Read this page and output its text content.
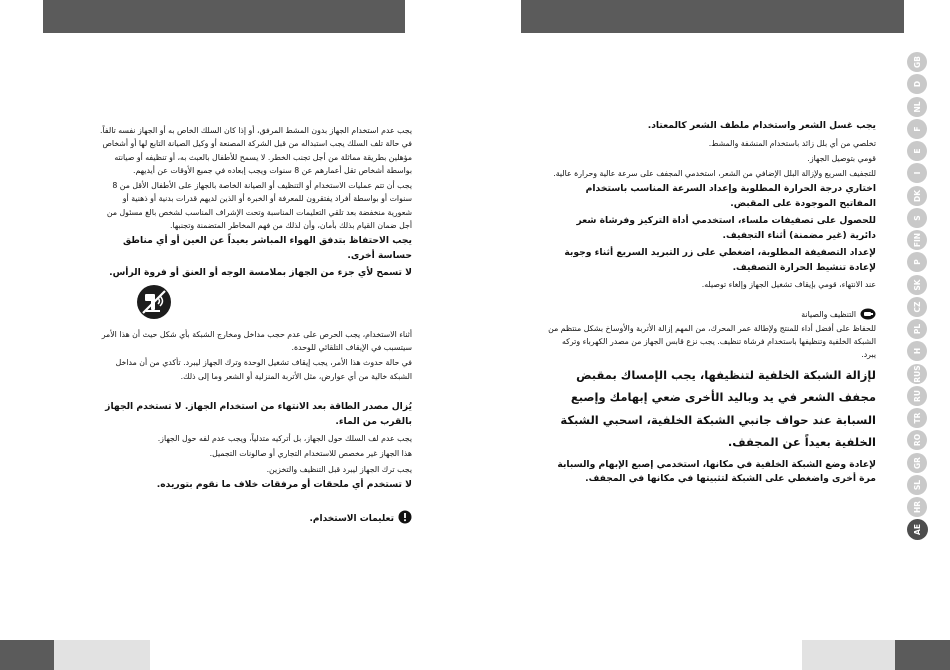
يجب عدم استخدام الجهاز بدون المشط المرفق، أو إذا كان السلك الخاص به أو الجهاز نفسه تالفاً. في حالة تلف السلك يجب استبداله من قبل الشركة المصنعة أو وكيل الصيانة التابع لها أو أشخاص مؤهلين بطريقة مماثلة من أجل تجنب الخطر. لا يسمح للأطفال بالعبث به، أو تنظيفه أو صيانته بواسطة أشخاص تقل أعمارهم عن 8 سنوات ويجب إبعاده في جميع الأوقات عن أيديهم.

يجب أن تتم عمليات الاستخدام أو التنظيف أو الصيانة الخاصة بالجهاز على الأطفال الأقل من 8 سنوات أو بواسطة أفراد يفتقرون للمعرفة أو الخبرة أو الذين لديهم قدرات بدنية أو ذهنية أو شعورية منخفضة بعد تلقي التعليمات المناسبة وتحت الإشراف المناسب لشخص بالغ مسئول من أجل ضمان القيام بذلك بأمان، وأن لذلك من فهم المخاطر المتضمنة وتجنبها.

يجب الاحتفاظ بتدفق الهواء المباشر بعيداً عن العين أو أي مناطق حساسة أخرى.

لا تسمح لأي جزء من الجهاز بملامسة الوجه أو العنق أو فروة الرأس.

أثناء الاستخدام، يجب الحرص على عدم حجب مداخل ومخارج الشبكة بأي شكل حيث أن هذا الأمر سيتسبب في الإيقاف التلقائي للوحدة.

في حالة حدوث هذا الأمر، يجب إيقاف تشغيل الوحدة وترك الجهاز ليبرد. تأكدي من أن مداخل الشبكة خالية من أي عوارض، مثل الأتربة المنزلية أو الشعر وما إلى ذلك.

يُزال مصدر الطاقة بعد الانتهاء من استخدام الجهاز. لا تستخدم الجهاز بالقرب من الماء.

يجب عدم لف السلك حول الجهاز، بل أتركيه متدلياً، ويجب عدم لفه حول الجهاز.

هذا الجهاز غير مخصص للاستخدام التجاري أو صالونات التجميل.

يجب ترك الجهاز ليبرد قبل التنظيف والتخزين.

لا تستخدم أي ملحقات أو مرفقات خلاف ما نقوم بتوريده.

تعليمات الاستخدام.

يجب غسل الشعر واستخدام ملطف الشعر كالمعتاد.

تخلصي من أي بلل زائد باستخدام المنشفة والمشط.

قومي بتوصيل الجهاز.

للتجفيف السريع ولإزالة البلل الإضافي من الشعر، استخدمي المجفف على سرعة عالية وحرارة عالية.

اختاري درجة الحرارة المطلوبة وإعداد السرعة المناسب باستخدام المفاتيح الموجودة على المقبض.

للحصول على تصفيفات ملساء، استخدمي أداة التركيز وفرشاة شعر دائرية (غير مضمنة) أثناء التجفيف.

لإعداد التصفيفة المطلوبة، اضغطي على زر التبريد السريع أثناء وجوبة لإعادة تنشيط الحرارة التصفيف.

عند الانتهاء، قومي بإيقاف تشغيل الجهاز وإلغاء توصيله.

التنظيف والصيانة

للحفاظ على أفضل أداء للمنتج ولإطالة عمر المحرك، من المهم إزالة الأتربة والأوساخ بشكل منتظم من الشبكة الخلفية وتنظيفها باستخدام فرشاة تنظيف. يجب نزع قابس الجهاز من مصدر الكهرباء وتركه يبرد.

لإزالة الشبكة الخلفية لتنظيفها، يجب الإمساك بمقبض مجفف الشعر في يد وباليد الأخرى ضعي إبهامك وإصبع السبابة عند حواف جانبي الشبكة الخلفية، اسحبي الشبكة الخلفية بعيداً عن المجفف.

لإعادة وضع الشبكة الخلفية في مكانها، استخدمي إصبع الإبهام والسبابة مرة أخرى واضغطي على الشبكة لتثبيتها في مكانها في المجفف.

GB
D
NL
F
E
I
DK
S
FIN
P
SK
CZ
PL
H
RUS
RU
TR
RO
GR
SL
HR
AE
